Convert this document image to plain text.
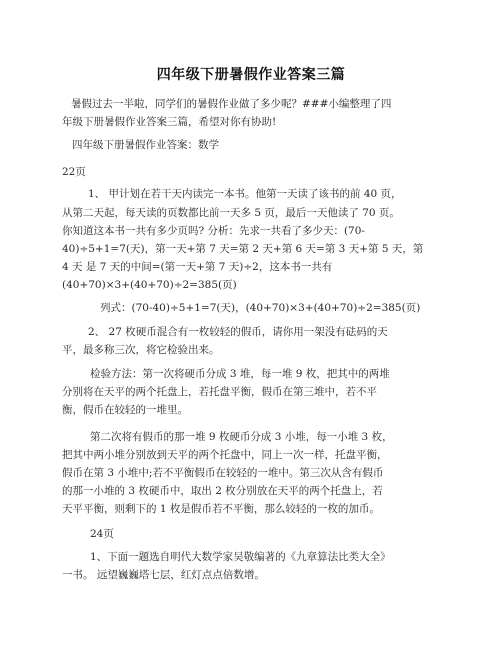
四年级下册暑假作业答案三篇
暑假过去一半啦，同学们的暑假作业做了多少呢？###小编整理了四
年级下册暑假作业答案三篇，希望对你有协助!
四年级下册暑假作业答案：数学
22页
1、 甲计划在若干天内读完一本书。他第一天读了该书的前 40 页，
从第二天起，每天读的页数都比前一天多 5 页，最后一天他读了 70 页。
你知道这本书一共有多少页吗? 分析：先求一共看了多少天：(70-
40)÷5+1=7(天)，第一天+第 7 天=第 2 天+第 6 天=第 3 天+第 5 天，第
4 天 是 7 天的中间=(第一天+第 7 天)÷2，这本书一共有
(40+70)×3+(40+70)÷2=385(页)
列式：(70-40)÷5+1=7(天)，(40+70)×3+(40+70)÷2=385(页)
2、 27 枚硬币混合有一枚较轻的假币，请你用一架没有砝码的天
平，最多称三次，将它检验出来。
检验方法：第一次将硬币分成 3 堆，每一堆 9 枚，把其中的两堆
分别将在天平的两个托盘上，若托盘平衡，假币在第三堆中，若不平
衡，假币在较轻的一堆里。
第二次将有假币的那一堆 9 枚硬币分成 3 小堆，每一小堆 3 枚，
把其中两小堆分别放到天平的两个托盘中，同上一次一样，托盘平衡，
假币在第 3 小堆中;若不平衡假币在较轻的一堆中。第三次从含有假币
的那一小堆的 3 枚硬币中，取出 2 枚分别放在天平的两个托盘上，若
天平平衡，则剩下的 1 枚是假币若不平衡，那么较轻的一枚的加币。
24页
1、下面一题选自明代大数学家吴敬编著的《九章算法比类大全》
一书。 远望巍巍塔七层，红灯点点倍数增。
